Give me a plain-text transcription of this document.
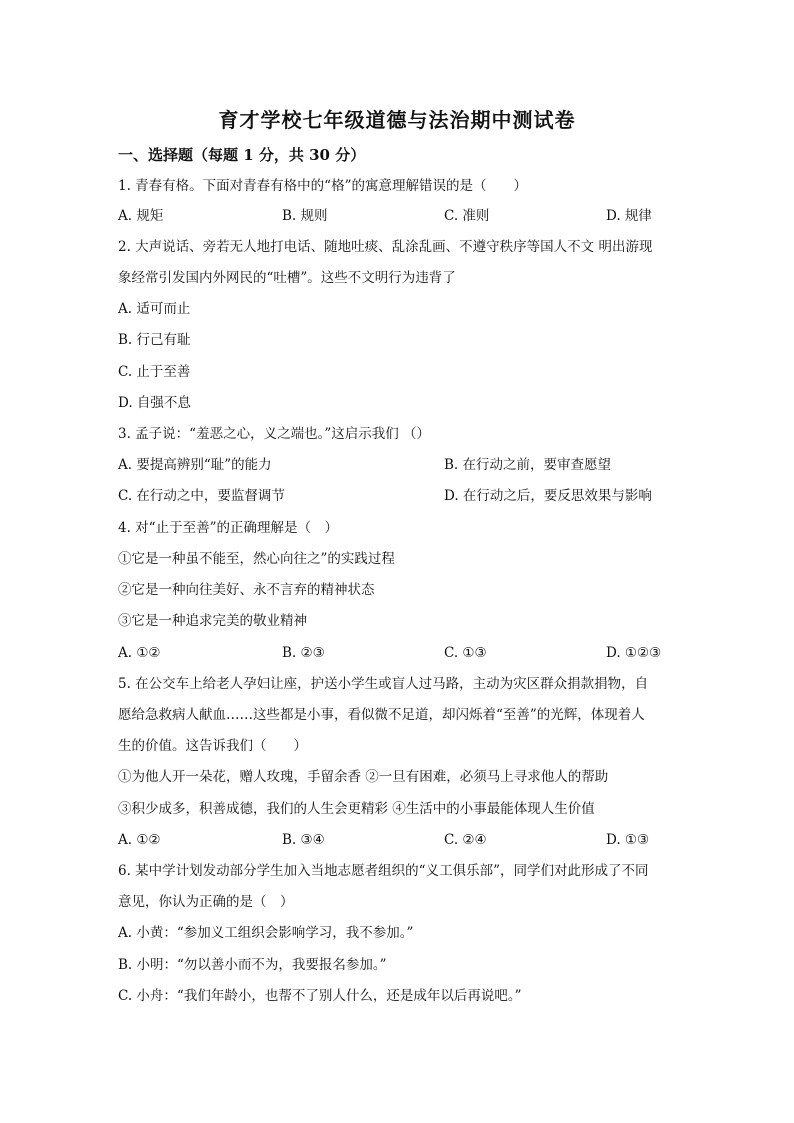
育才学校七年级道德与法治期中测试卷
一、选择题（每题 1 分，共 30 分）
1. 青春有格。下面对青春有格中的“格”的寓意理解错误的是（　　）
A. 规矩	B. 规则	C. 准则	D. 规律
2. 大声说话、旁若无人地打电话、随地吐痰、乱涂乱画、不遵守秩序等国人不文 明出游现
象经常引发国内外网民的“吐槽”。这些不文明行为违背了
A. 适可而止
B. 行己有耻
C. 止于至善
D. 自强不息
3. 孟子说：“羞恶之心，义之端也。”这启示我们 （）
A. 要提高辨别“耻”的能力	B. 在行动之前，要审查愿望
C. 在行动之中，要监督调节	D. 在行动之后，要反思效果与影响
4. 对“止于至善”的正确理解是（　）
①它是一种虽不能至，然心向往之”的实践过程
②它是一种向往美好、永不言弃的精神状态
③它是一种追求完美的敬业精神
A. ①②	B. ②③	C. ①③	D. ①②③
5. 在公交车上给老人孕妇让座，护送小学生或盲人过马路，主动为灾区群众捐款捐物，自
愿给急救病人献血……这些都是小事，看似微不足道，却闪烁着“至善”的光辉，体现着人
生的价值。这告诉我们（　　）
①为他人开一朵花，赠人玫瑰，手留余香 ②一旦有困难，必须马上寻求他人的帮助
③积少成多，积善成德，我们的人生会更精彩 ④生活中的小事最能体现人生价值
A. ①②	B. ③④	C. ②④	D. ①③
6. 某中学计划发动部分学生加入当地志愿者组织的“义工俱乐部”，同学们对此形成了不同
意见，你认为正确的是（　）
A. 小黄：“参加义工组织会影响学习，我不参加。”
B. 小明：“勿以善小而不为，我要报名参加。”
C. 小舟：“我们年龄小，也帮不了别人什么，还是成年以后再说吧。”
